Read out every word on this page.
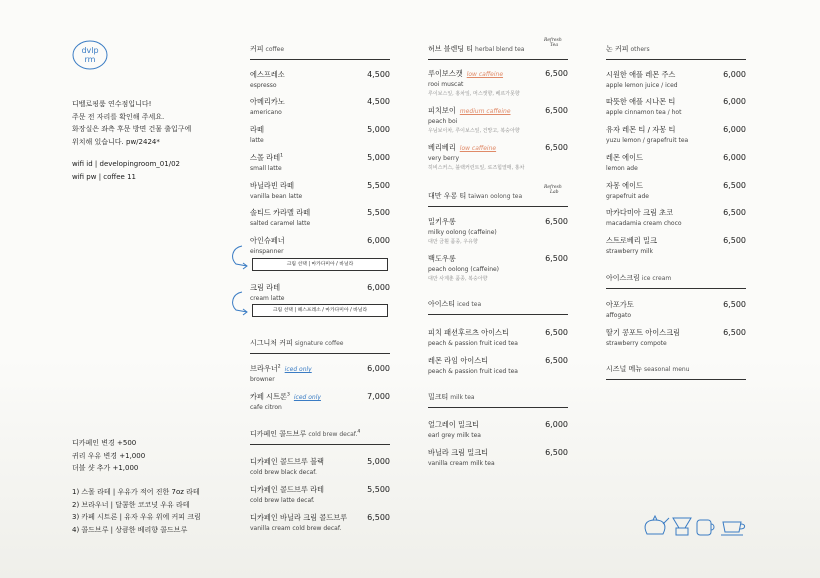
dvlp
rm
디벨로핑룸 연수점입니다!
주문 전 자리를 확인해 주세요.
화장실은 좌측 후문 방면 건물 출입구에
위치해 있습니다. pw/2424*
wifi id | developingroom_01/02
wifi pw | coffee 11
디카페인 변경 +500
귀리 우유 변경 +1,000
더블 샷 추가 +1,000
1) 스몰 라테 | 우유가 적어 진한 7oz 라테
2) 브라우너 | 달콤한 코코넛 우유 라테
3) 카페 시트론 | 유자 우유 위에 커피 크림
4) 콜드브루 | 상큼한 베리향 콜드브루
커피 coffee
에스프레소
espresso
4,500
아메리카노
americano
4,500
라떼
latte
5,000
스몰 라테$^1$
small latte
5,000
바닐라빈 라떼
vanilla bean latte
5,500
솔티드 카라멜 라떼
salted caramel latte
5,500
아인슈페너
einspanner
6,000
크림 선택 | 마카다미아 / 바닐라
크림 라테
cream latte
6,000
크림 선택 | 헤스프레소 / 마카다미아 / 바닐라
시그니처 커피 signature coffee
브라우너$^2$ iced only
browner
6,000
카페 시트론$^3$ iced only
cafe citron
7,000
디카페인 콜드브루 cold brew decaf.$^4$
디카페인 콜드브루 블랙
cold brew black decaf.
5,000
디카페인 콜드브루 라테
cold brew latte decaf.
5,500
디카페인 바닐라 크림 콜드브루
vanilla cream cold brew decaf.
6,500
허브 블렌딩 티 herbal blend tea
Refresh
Tea
루이보스캣 low caffeine
rooi muscat
루이보스잎, 홍차잎, 머스캣향, 베르가못향
6,500
피치보이 medium caffeine
peach boi
우님보이차, 루이보스잎, 건망고, 복숭아향
6,500
베리베리 low caffeine
very berry
히비스커스, 블랙커런트잎, 로즈힙열매, 홍차
6,500
대만 우롱 티 taiwan oolong tea
Refresh
Lab
밀키우롱
milky oolong (caffeine)
대만 금훤 품종, 우유향
6,500
백도우롱
peach oolong (caffeine)
대만 사계춘 품종, 복숭아향
6,500
아이스티 iced tea
피치 패션후르츠 아이스티
peach & passion fruit iced tea
6,500
레몬 라임 아이스티
peach & passion fruit iced tea
6,500
밀크티 milk tea
얼그레이 밀크티
earl grey milk tea
6,000
바닐라 크림 밀크티
vanilla cream milk tea
6,500
논 커피 others
시원한 애플 레몬 주스
apple lemon juice / iced
6,000
따뜻한 애플 시나몬 티
apple cinnamon tea / hot
6,000
유자 레몬 티 / 자몽 티
yuzu lemon / grapefruit tea
6,000
레몬 에이드
lemon ade
6,000
자몽 에이드
grapefruit ade
6,500
마카다미아 크림 초코
macadamia cream choco
6,500
스트로베리 밀크
strawberry milk
6,500
아이스크림 ice cream
아포가토
affogato
6,500
딸기 콩포트 아이스크림
strawberry compote
6,500
시즈널 메뉴 seasonal menu
